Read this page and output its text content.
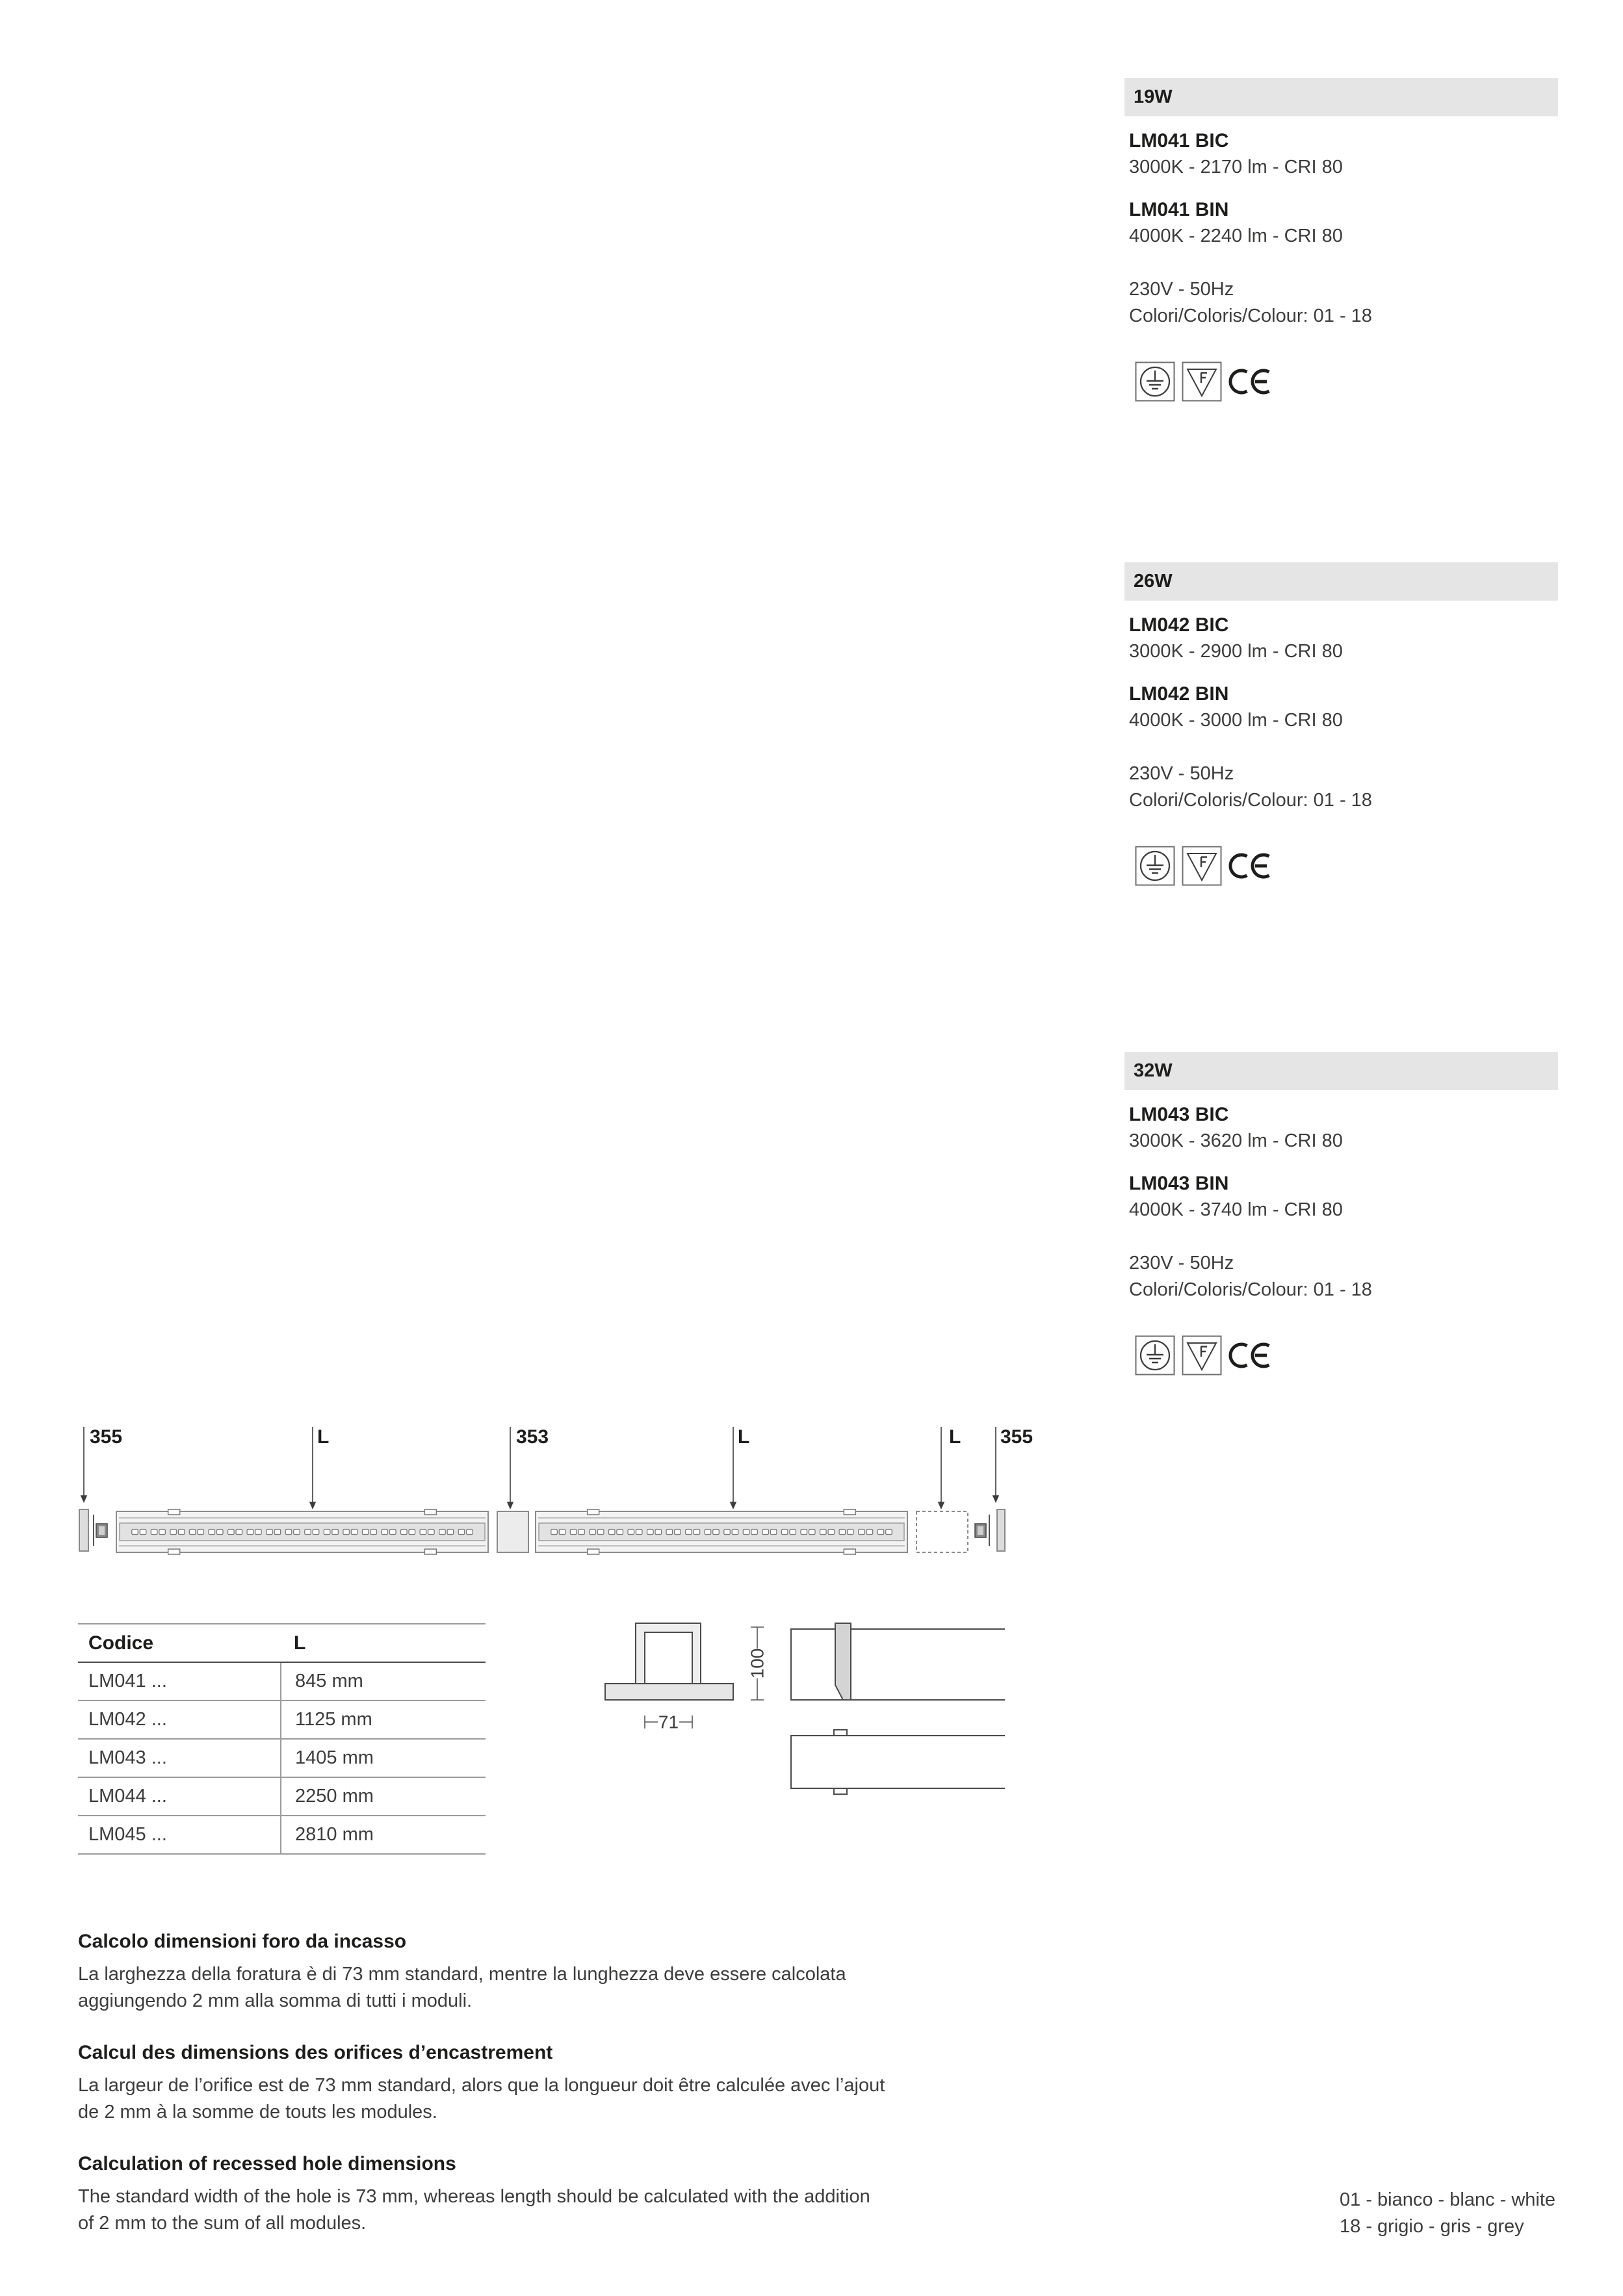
19W
LM041 BIC
3000K - 2170 lm - CRI 80
LM041 BIN
4000K - 2240 lm - CRI 80
230V - 50Hz
Colori/Coloris/Colour: 01 - 18
26W
LM042 BIC
3000K - 2900 lm - CRI 80
LM042 BIN
4000K - 3000 lm - CRI 80
230V - 50Hz
Colori/Coloris/Colour: 01 - 18
32W
LM043 BIC
3000K - 3620 lm - CRI 80
LM043 BIN
4000K - 3740 lm - CRI 80
230V - 50Hz
Colori/Coloris/Colour: 01 - 18
355	L	353	L	L 355
Codice	L
LM041 ...	845 mm
LM042 ...	1125 mm
LM043 ...	1405 mm
LM044 ...	2250 mm
LM045 ...	2810 mm
100
71
Calcolo dimensioni foro da incasso
La larghezza della foratura è di 73 mm standard, mentre la lunghezza deve essere calcolata
aggiungendo 2 mm alla somma di tutti i moduli.
Calcul des dimensions des orifices d’encastrement
La largeur de l’orifice est de 73 mm standard, alors que la longueur doit être calculée avec l’ajout
de 2 mm à la somme de touts les modules.
Calculation of recessed hole dimensions
The standard width of the hole is 73 mm, whereas length should be calculated with the addition
of 2 mm to the sum of all modules.
01 - bianco - blanc - white
18 - grigio - gris - grey
